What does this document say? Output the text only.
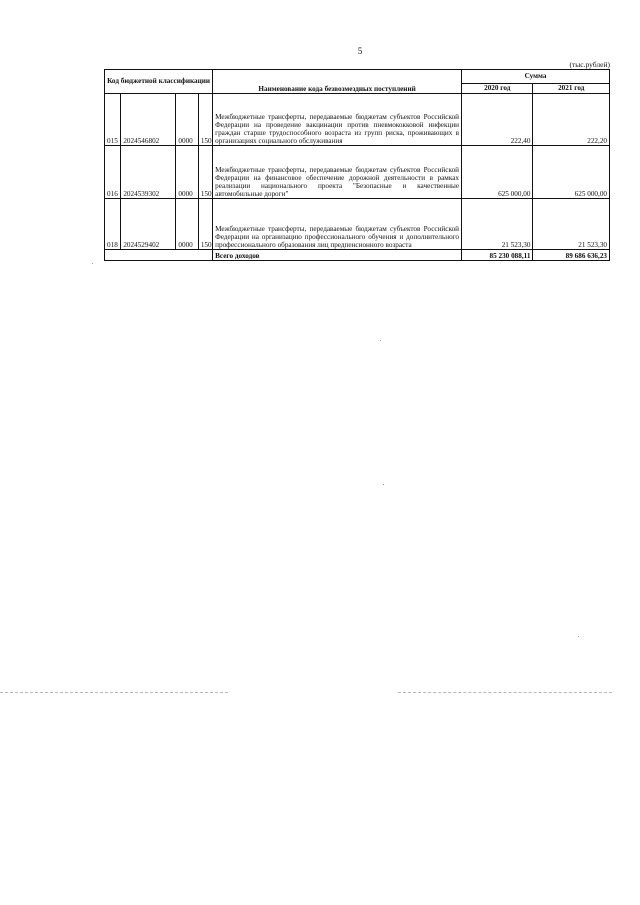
5
(тыс.рублей)
Код бюджетной классификации				Наименование кода безвозмездных поступлений	Сумма	
					2020 год	2021 год
015	2024546802	0000	150	Межбюджетные трансферты, передаваемые бюджетам субъектов Российской Федерации на проведение вакцинации против пневмококковой инфекции граждан старше трудоспособного возраста из групп риска, проживающих в организациях социального обслуживания	222,40	222,20
016	2024539302	0000	150	Межбюджетные трансферты, передаваемые бюджетам субъектов Российской Федерации на финансовое обеспечение дорожной деятельности в рамках реализации национального проекта "Безопасные и качественные автомобильные дороги"	625 000,00	625 000,00
018	2024529402	0000	150	Межбюджетные трансферты, передаваемые бюджетам субъектов Российской Федерации на организацию профессионального обучения и дополнительного профессионального образования лиц предпенсионного возраста	21 523,30	21 523,30
				Всего доходов	85 230 088,11	89 686 636,23
